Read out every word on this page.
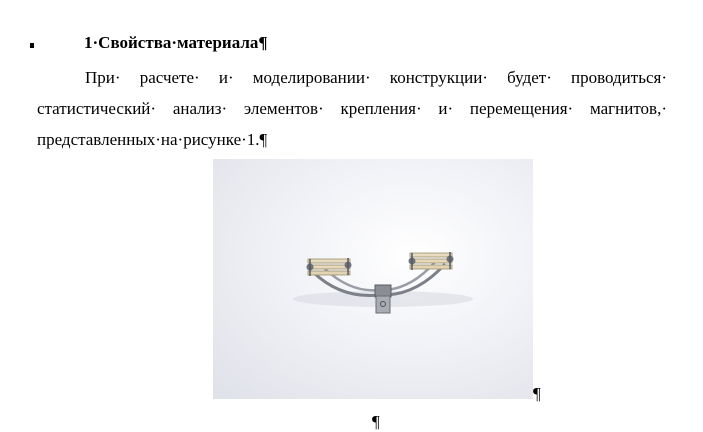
1·Свойства·материала¶
При· расчете· и· моделировании· конструкции· будет· проводиться· статистический· анализ· элементов· крепления· и· перемещения· магнитов,· представленных·на·рисунке·1.¶
¶
¶
